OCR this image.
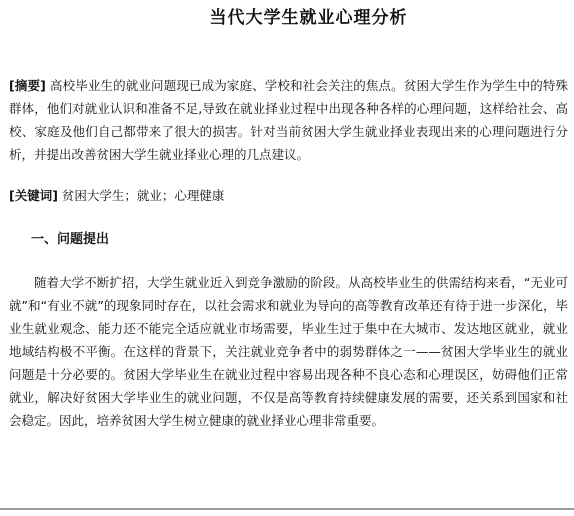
当代大学生就业心理分析

[摘要] 高校毕业生的就业问题现已成为家庭、学校和社会关注的焦点。贫困大学生作为学生中的特殊群体，他们对就业认识和准备不足,导致在就业择业过程中出现各种各样的心理问题，这样给社会、高校、家庭及他们自己都带来了很大的损害。针对当前贫困大学生就业择业表现出来的心理问题进行分析，并提出改善贫困大学生就业择业心理的几点建议。

[关键词] 贫困大学生；就业；心理健康

一、问题提出

随着大学不断扩招，大学生就业近入到竞争激励的阶段。从高校毕业生的供需结构来看，“无业可就”和“有业不就”的现象同时存在，以社会需求和就业为导向的高等教育改革还有待于进一步深化，毕业生就业观念、能力还不能完全适应就业市场需要，毕业生过于集中在大城市、发达地区就业，就业地域结构极不平衡。在这样的背景下，关注就业竞争者中的弱势群体之一——贫困大学毕业生的就业问题是十分必要的。贫困大学毕业生在就业过程中容易出现各种不良心态和心理误区，妨碍他们正常就业，解决好贫困大学毕业生的就业问题，不仅是高等教育持续健康发展的需要，还关系到国家和社会稳定。因此，培养贫困大学生树立健康的就业择业心理非常重要。
